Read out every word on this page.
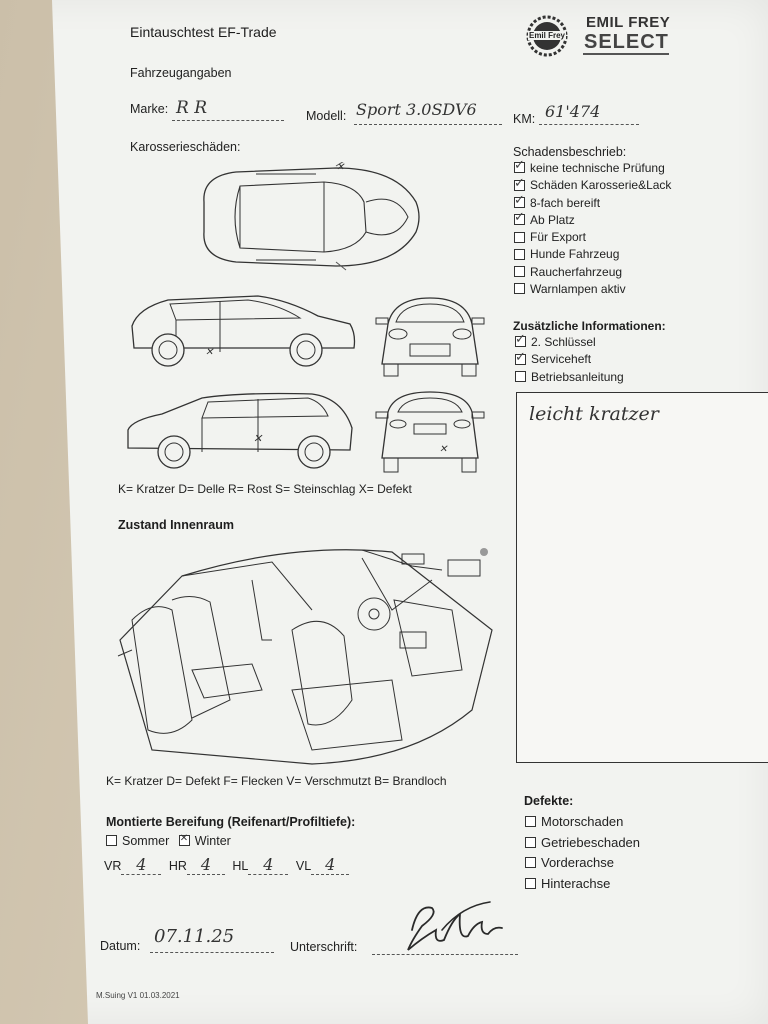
Eintauschtest EF-Trade	Emil Frey
EMIL FREY
SELECT
Fahrzeugangaben
Marke: R R	Modell: Sport 3.0SDV6	KM: 61'474
Karosserieschäden:
✕
✕
✕
✕
K= Kratzer D= Delle R= Rost S= Steinschlag X= Defekt
Schadensbeschrieb:
✓keine technische Prüfung
✓Schäden Karosserie&Lack
✓8-fach bereift
✓Ab Platz
Für Export
Hunde Fahrzeug
Raucherfahrzeug
Warnlampen aktiv
Zusätzliche Informationen:
✓2. Schlüssel
✓Serviceheft
Betriebsanleitung
leicht kratzer
Zustand Innenraum
K= Kratzer D= Defekt F= Flecken V= Verschmutzt B= Brandloch
Montierte Bereifung (Reifenart/Profiltiefe):
Sommer ✕ Winter
VR 4 HR 4 HL 4 VL 4
Defekte:
Motorschaden
Getriebeschaden
Vorderachse
Hinterachse
Datum: 07.11.25	Unterschrift:
M.Suing V1 01.03.2021
